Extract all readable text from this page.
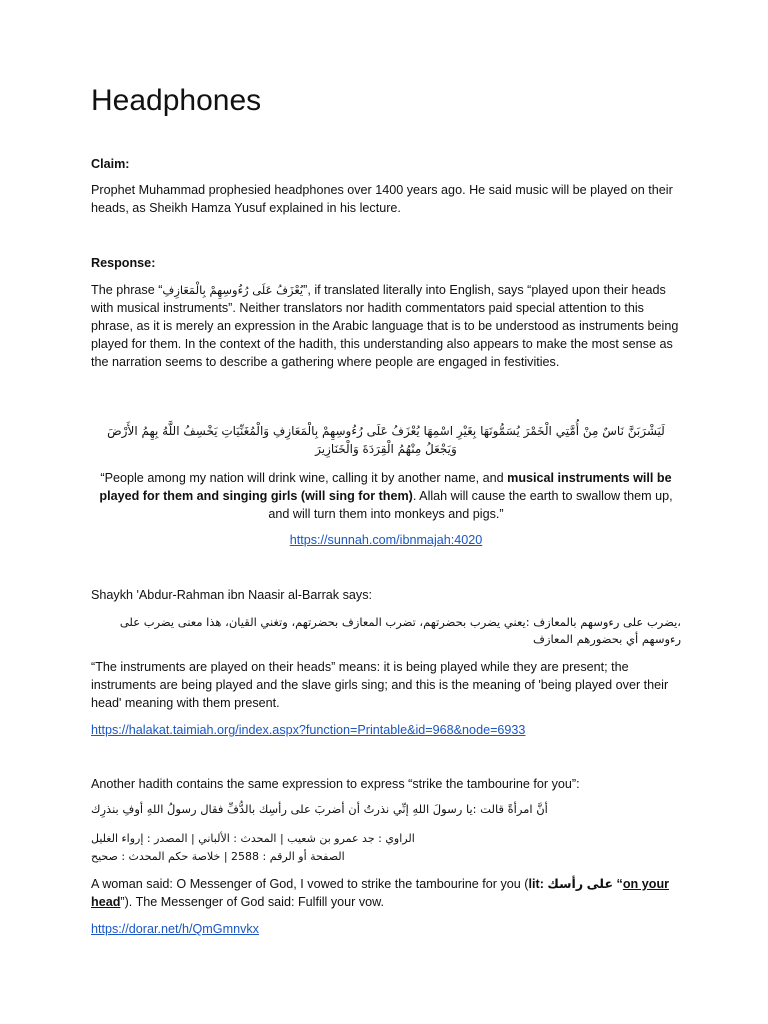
Headphones

Claim:

Prophet Muhammad prophesied headphones over 1400 years ago. He said music will be played on their heads, as Sheikh Hamza Yusuf explained in his lecture.

Response:

The phrase “يُعْزَفُ عَلَى رُءُوسِهِمْ بِالْمَعَازِفِ”, if translated literally into English, says “played upon their heads with musical instruments”. Neither translators nor hadith commentators paid special attention to this phrase, as it is merely an expression in the Arabic language that is to be understood as instruments being played for them. In the context of the hadith, this understanding also appears to make the most sense as the narration seems to describe a gathering where people are engaged in festivities.

لَيَشْرَبَنَّ نَاسٌ مِنْ أُمَّتِي الْخَمْرَ يُسَمُّونَهَا بِغَيْرِ اسْمِهَا يُعْزَفُ عَلَى رُءُوسِهِمْ بِالْمَعَازِفِ وَالْمُغَنِّيَاتِ يَخْسِفُ اللَّهُ بِهِمُ الأَرْضَ وَيَجْعَلُ مِنْهُمُ الْقِرَدَةَ وَالْخَنَازِيرَ

“People among my nation will drink wine, calling it by another name, and musical instruments will be played for them and singing girls (will sing for them). Allah will cause the earth to swallow them up, and will turn them into monkeys and pigs.”

https://sunnah.com/ibnmajah:4020

Shaykh 'Abdur-Rahman ibn Naasir al-Barrak says:

،يضرب على رءوسهم بالمعازف :يعني يضرب بحضرتهم، تضرب المعازف بحضرتهم، وتغني القيان، هذا معنى يضرب على رءوسهم أي بحضورهم المعازف

“The instruments are played on their heads” means: it is being played while they are present; the instruments are being played and the slave girls sing; and this is the meaning of 'being played over their head' meaning with them present.

https://halakat.taimiah.org/index.aspx?function=Printable&id=968&node=6933

Another hadith contains the same expression to express “strike the tambourine for you”:

أنَّ امرأةً قالت :يا رسولَ اللهِ إنِّي نذرتُ أن أضربَ على رأسِك بالدُّفِّ فقال رسولُ اللهِ أوفِ بنذرِك

الراوي : جد عمرو بن شعيب | المحدث : الألباني | المصدر : إرواء الغليل

الصفحة أو الرقم : 2588 | خلاصة حكم المحدث : صحيح

A woman said: O Messenger of God, I vowed to strike the tambourine for you (lit: على رأسك “on your head”). The Messenger of God said: Fulfill your vow.

https://dorar.net/h/QmGmnvkx
